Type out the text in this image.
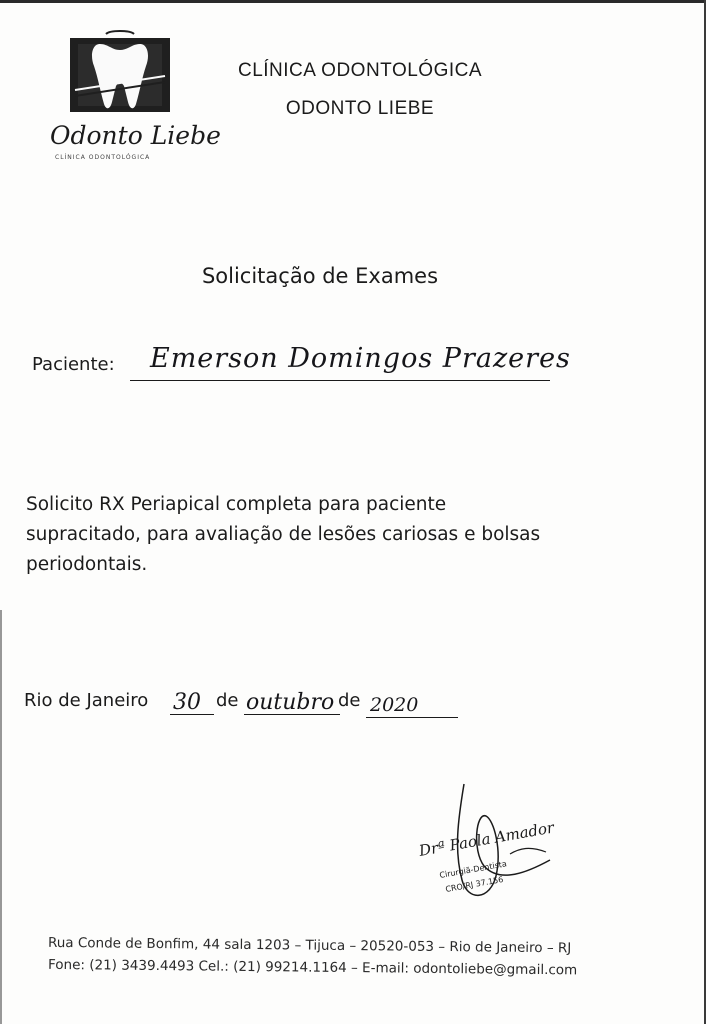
Odonto Liebe
CLÍNICA ODONTOLÓGICA
CLÍNICA ODONTOLÓGICA
ODONTO LIEBE
Solicitação de Exames
Paciente: Emerson Domingos Prazeres
Solicito RX Periapical completa para paciente
supracitado, para avaliação de lesões cariosas e bolsas
periodontais.
Rio de Janeiro 30 de outubro de 2020
Drª Paola Amador
Cirurgiã-Dentista
CRO/RJ 37.156
Rua Conde de Bonfim, 44 sala 1203 – Tijuca – 20520-053 – Rio de Janeiro – RJ
Fone: (21) 3439.4493 Cel.: (21) 99214.1164 – E-mail: odontoliebe@gmail.com
